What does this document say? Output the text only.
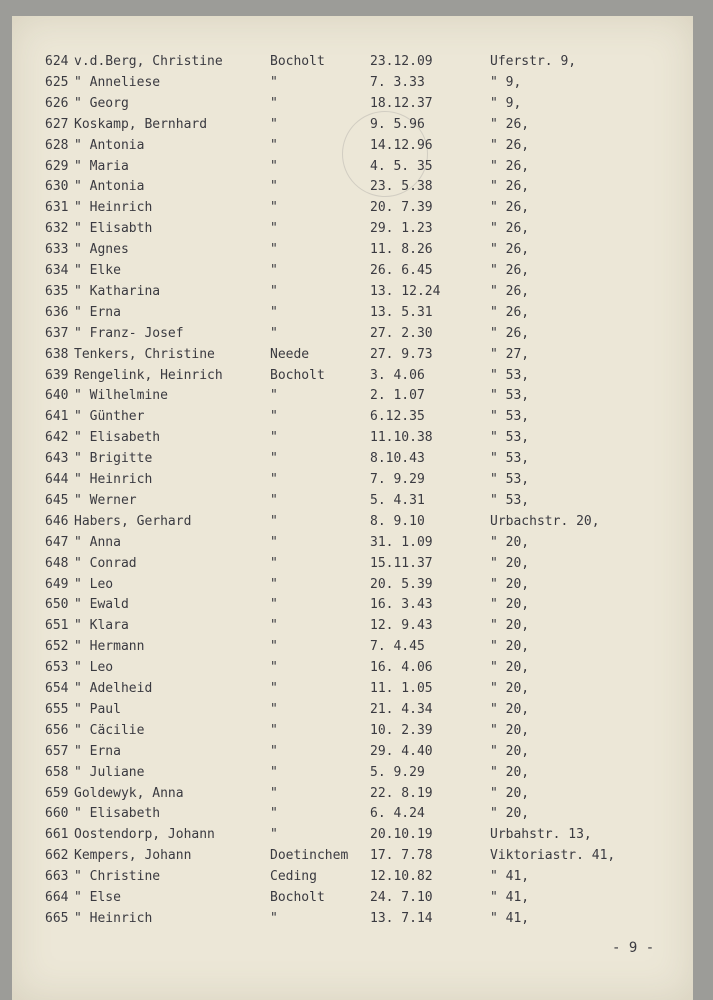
624 v.d.Berg, Christine	Bocholt	23.12.09	Uferstr. 9,
625 " Anneliese	"	7. 3.33	" 9,
626 " Georg	"	18.12.37	" 9,
627 Koskamp, Bernhard	"	9. 5.96	" 26,
628 " Antonia	"	14.12.96	" 26,
629 " Maria	"	4. 5. 35	" 26,
630 " Antonia	"	23. 5.38	" 26,
631 " Heinrich	"	20. 7.39	" 26,
632 " Elisabth	"	29. 1.23	" 26,
633 " Agnes	"	11. 8.26	" 26,
634 " Elke	"	26. 6.45	" 26,
635 " Katharina	"	13. 12.24	" 26,
636 " Erna	"	13. 5.31	" 26,
637 " Franz- Josef	"	27. 2.30	" 26,
638 Tenkers, Christine	Neede	27. 9.73	" 27,
639 Rengelink, Heinrich	Bocholt	3. 4.06	" 53,
640 " Wilhelmine	"	2. 1.07	" 53,
641 " Günther	"	6.12.35	" 53,
642 " Elisabeth	"	11.10.38	" 53,
643 " Brigitte	"	8.10.43	" 53,
644 " Heinrich	"	7. 9.29	" 53,
645 " Werner	"	5. 4.31	" 53,
646 Habers, Gerhard	"	8. 9.10	Urbachstr. 20,
647 " Anna	"	31. 1.09	" 20,
648 " Conrad	"	15.11.37	" 20,
649 " Leo	"	20. 5.39	" 20,
650 " Ewald	"	16. 3.43	" 20,
651 " Klara	"	12. 9.43	" 20,
652 " Hermann	"	7. 4.45	" 20,
653 " Leo	"	16. 4.06	" 20,
654 " Adelheid	"	11. 1.05	" 20,
655 " Paul	"	21. 4.34	" 20,
656 " Cäcilie	"	10. 2.39	" 20,
657 " Erna	"	29. 4.40	" 20,
658 " Juliane	"	5. 9.29	" 20,
659 Goldewyk, Anna	"	22. 8.19	" 20,
660 " Elisabeth	"	6. 4.24	" 20,
661 Oostendorp, Johann	"	20.10.19	Urbahstr. 13,
662 Kempers, Johann	Doetinchem 17. 7.78	Viktoriastr. 41,
663 " Christine	Ceding	12.10.82	" 41,
664 " Else	Bocholt	24. 7.10	" 41,
665 " Heinrich	"	13. 7.14	" 41,
- 9 -
